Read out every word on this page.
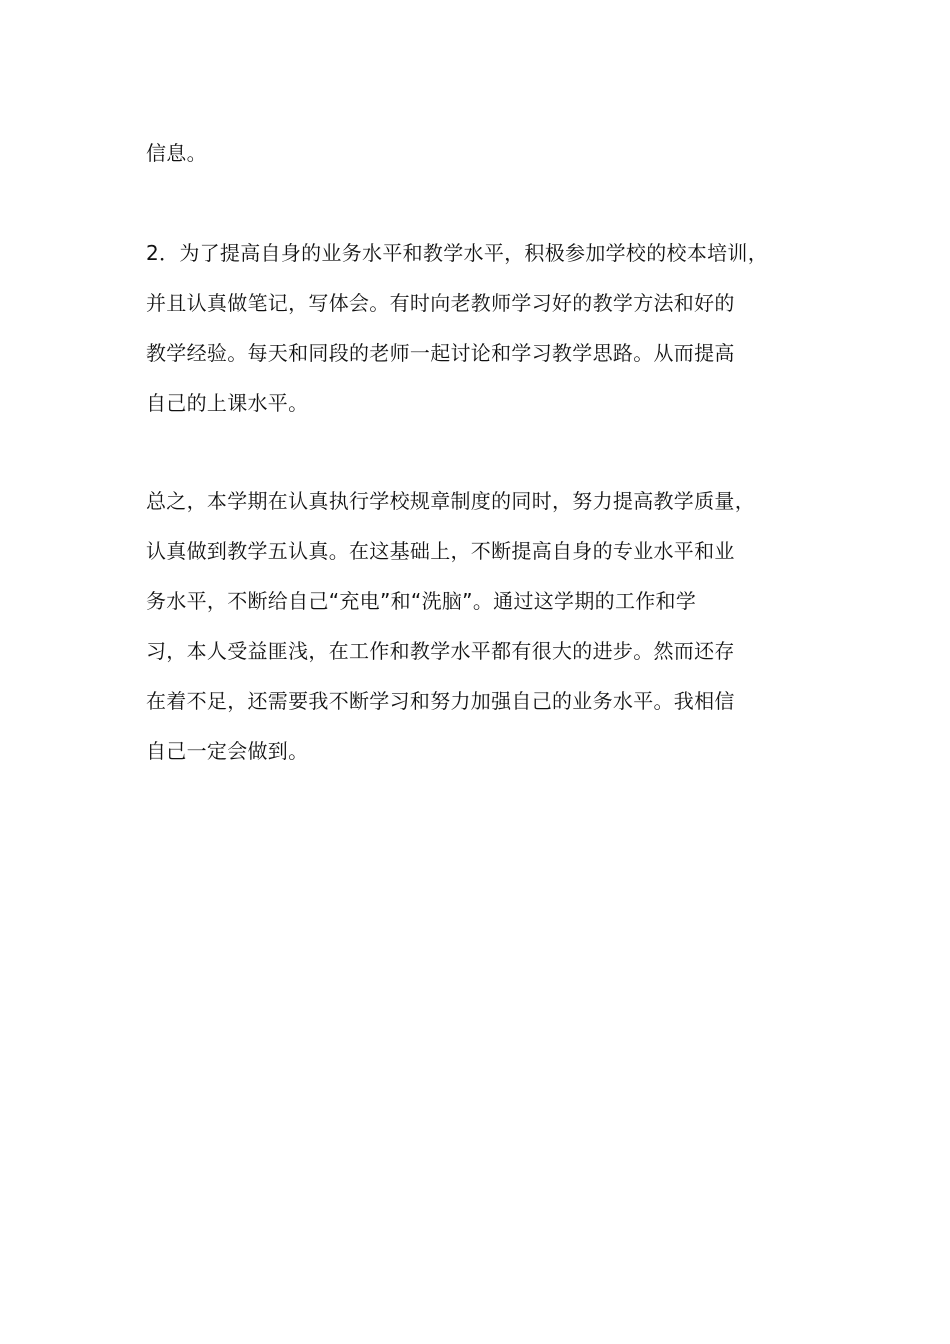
信息。
2．为了提高自身的业务水平和教学水平，积极参加学校的校本培训，
并且认真做笔记，写体会。有时向老教师学习好的教学方法和好的
教学经验。每天和同段的老师一起讨论和学习教学思路。从而提高
自己的上课水平。
总之，本学期在认真执行学校规章制度的同时，努力提高教学质量，
认真做到教学五认真。在这基础上，不断提高自身的专业水平和业
务水平，不断给自己“充电”和“洗脑”。通过这学期的工作和学
习，本人受益匪浅，在工作和教学水平都有很大的进步。然而还存
在着不足，还需要我不断学习和努力加强自己的业务水平。我相信
自己一定会做到。
